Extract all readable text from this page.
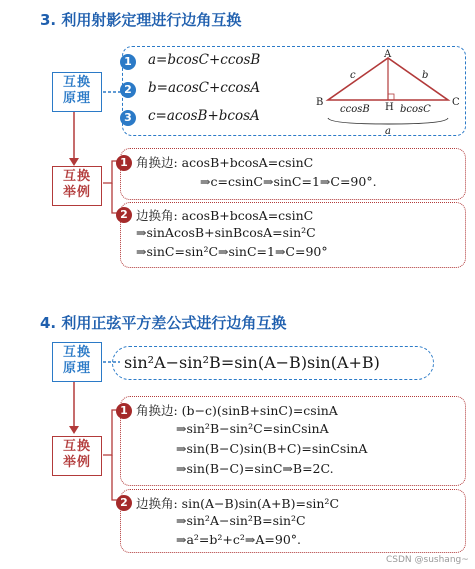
3. 利用射影定理进行边角互换
互换原理
1	a=bcosC+ccosB
2	b=acosC+ccosA
3	c=acosB+bcosA
A
B	C
H
c	b
ccosB	bcosC
a
互换举例
1 角换边: acosB+bcosA=csinC
⇒c=csinC⇒sinC=1⇒C=90°.
2 边换角: acosB+bcosA=csinC
⇒sinAcosB+sinBcosA=sin²C
⇒sinC=sin²C⇒sinC=1⇒C=90°
4. 利用正弦平方差公式进行边角互换
互换原理 sin²A−sin²B=sin(A−B)sin(A+B)
互换举例
1 角换边: (b−c)(sinB+sinC)=csinA
⇒sin²B−sin²C=sinCsinA
⇒sin(B−C)sin(B+C)=sinCsinA
⇒sin(B−C)=sinC⇒B=2C.
2 边换角: sin(A−B)sin(A+B)=sin²C
⇒sin²A−sin²B=sin²C
⇒a²=b²+c²⇒A=90°.
CSDN @sushang~
